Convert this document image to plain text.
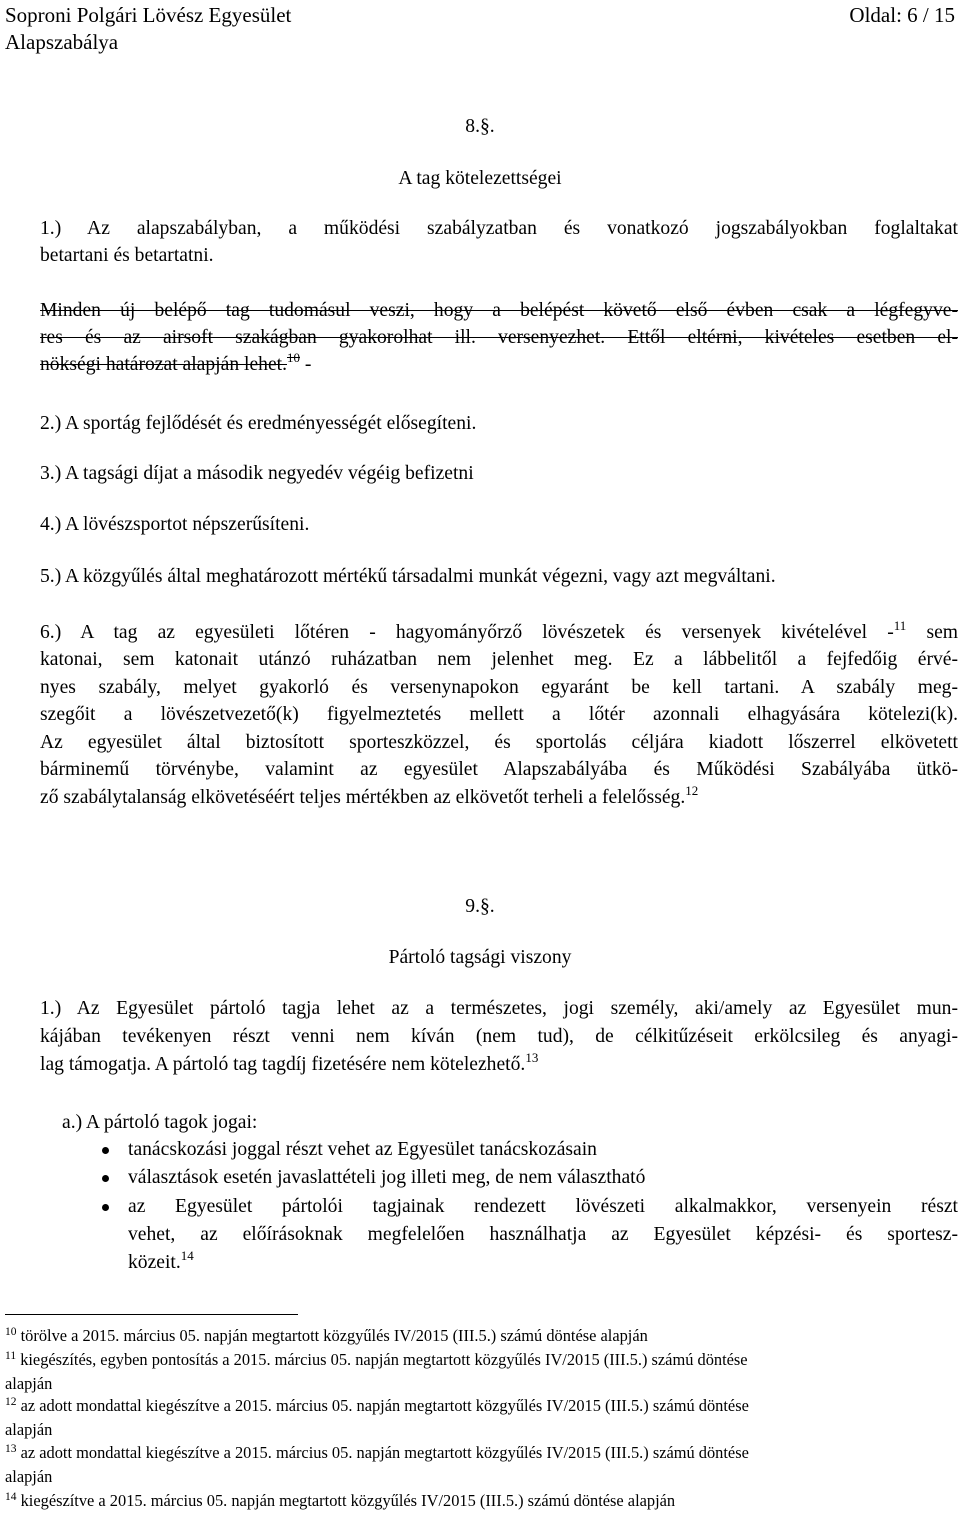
Soproni Polgári Lövész Egyesület	Oldal: 6 / 15
Alapszabálya
8.§.
A tag kötelezettségei
1.) Az alapszabályban, a működési szabályzatban és vonatkozó jogszabályokban foglaltakat
betartani és betartatni.
Minden új belépő tag tudomásul veszi, hogy a belépést követő első évben csak a légfegyve-
res és az airsoft szakágban gyakorolhat ill. versenyezhet. Ettől eltérni, kivételes esetben el-
nökségi határozat alapján lehet.$^{10}$ -
2.) A sportág fejlődését és eredményességét elősegíteni.
3.) A tagsági díjat a második negyedév végéig befizetni
4.) A lövészsportot népszerűsíteni.
5.) A közgyűlés által meghatározott mértékű társadalmi munkát végezni, vagy azt megváltani.
6.) A tag az egyesületi lőtéren - hagyományőrző lövészetek és versenyek kivételével -$^{11}$ sem
katonai, sem katonait utánzó ruházatban nem jelenhet meg. Ez a lábbelitől a fejfedőig érvé-
nyes szabály, melyet gyakorló és versenynapokon egyaránt be kell tartani. A szabály meg-
szegőit a lövészetvezető(k) figyelmeztetés mellett a lőtér azonnali elhagyására kötelezi(k).
Az egyesület által biztosított sporteszközzel, és sportolás céljára kiadott lőszerrel elkövetett
bárminemű törvénybe, valamint az egyesület Alapszabályába és Működési Szabályába ütkö-
ző szabálytalanság elkövetéséért teljes mértékben az elkövetőt terheli a felelősség.$^{12}$
9.§.
Pártoló tagsági viszony
1.) Az Egyesület pártoló tagja lehet az a természetes, jogi személy, aki/amely az Egyesület mun-
kájában tevékenyen részt venni nem kíván (nem tud), de célkitűzéseit erkölcsileg és anyagi-
lag támogatja. A pártoló tag tagdíj fizetésére nem kötelezhető.$^{13}$
a.) A pártoló tagok jogai:
tanácskozási joggal részt vehet az Egyesület tanácskozásain
választások esetén javaslattételi jog illeti meg, de nem választható
az Egyesület pártolói tagjainak rendezett lövészeti alkalmakkor, versenyein részt
vehet, az előírásoknak megfelelően használhatja az Egyesület képzési- és sportesz-
közeit.$^{14}$
$^{10}$ törölve a 2015. március 05. napján megtartott közgyűlés IV/2015 (III.5.) számú döntése alapján
$^{11}$ kiegészítés, egyben pontosítás a 2015. március 05. napján megtartott közgyűlés IV/2015 (III.5.) számú döntése
alapján
$^{12}$ az adott mondattal kiegészítve a 2015. március 05. napján megtartott közgyűlés IV/2015 (III.5.) számú döntése
alapján
$^{13}$ az adott mondattal kiegészítve a 2015. március 05. napján megtartott közgyűlés IV/2015 (III.5.) számú döntése
alapján
$^{14}$ kiegészítve a 2015. március 05. napján megtartott közgyűlés IV/2015 (III.5.) számú döntése alapján
